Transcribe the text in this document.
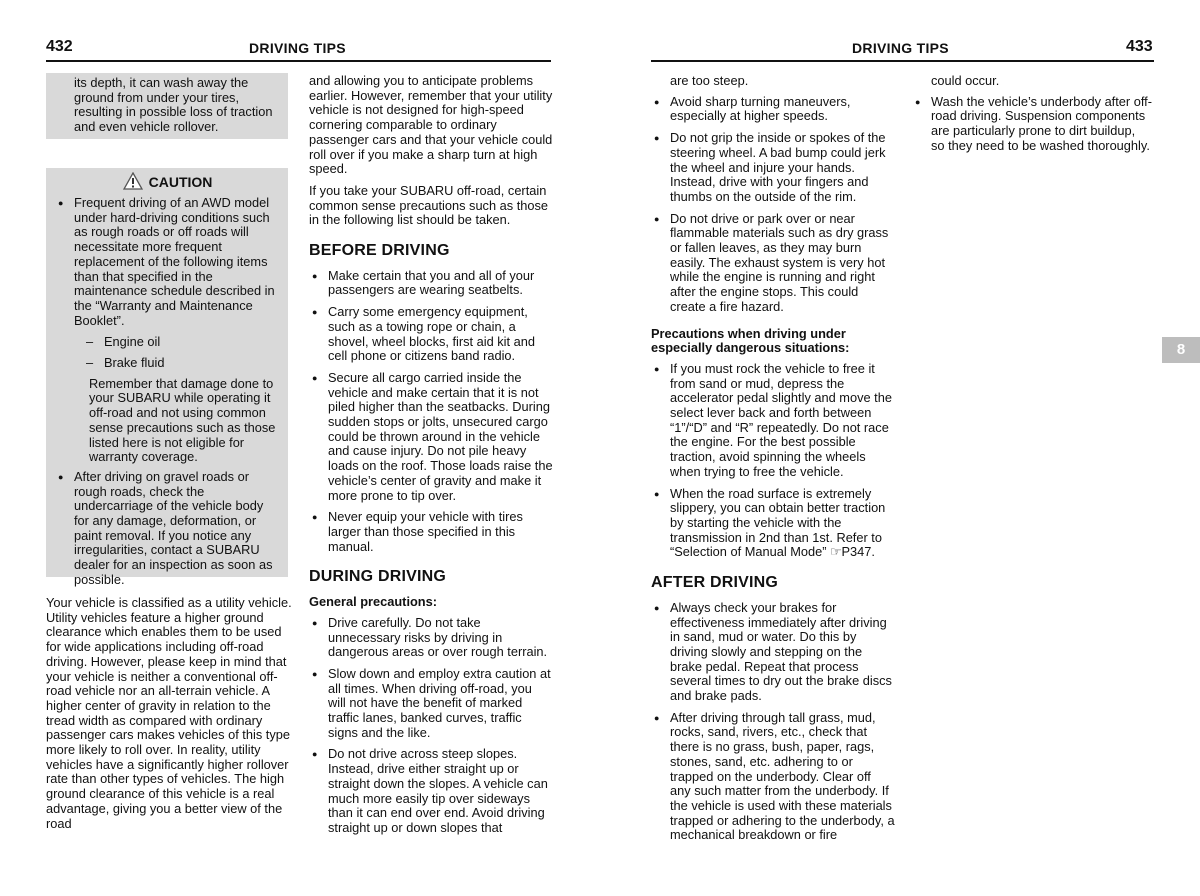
432	DRIVING TIPS	DRIVING TIPS	433
its depth, it can wash away the ground from under your tires, resulting in possible loss of traction and even vehicle rollover.
CAUTION
● Frequent driving of an AWD model under hard-driving conditions such as rough roads or off roads will necessitate more frequent replacement of the following items than that specified in the maintenance schedule described in the “Warranty and Maintenance Booklet”.
– Engine oil
– Brake fluid
Remember that damage done to your SUBARU while operating it off-road and not using common sense precautions such as those listed here is not eligible for warranty coverage.
● After driving on gravel roads or rough roads, check the undercarriage of the vehicle body for any damage, deformation, or paint removal. If you notice any irregularities, contact a SUBARU dealer for an inspection as soon as possible.
Your vehicle is classified as a utility vehicle. Utility vehicles feature a higher ground clearance which enables them to be used for wide applications including off-road driving. However, please keep in mind that your vehicle is neither a conventional off-road vehicle nor an all-terrain vehicle. A higher center of gravity in relation to the tread width as compared with ordinary passenger cars makes vehicles of this type more likely to roll over. In reality, utility vehicles have a significantly higher rollover rate than other types of vehicles. The high ground clearance of this vehicle is a real advantage, giving you a better view of the road

and allowing you to anticipate problems earlier. However, remember that your utility vehicle is not designed for high-speed cornering comparable to ordinary passenger cars and that your vehicle could roll over if you make a sharp turn at high speed.

If you take your SUBARU off-road, certain common sense precautions such as those in the following list should be taken.

BEFORE DRIVING
● Make certain that you and all of your passengers are wearing seatbelts.
● Carry some emergency equipment, such as a towing rope or chain, a shovel, wheel blocks, first aid kit and cell phone or citizens band radio.
● Secure all cargo carried inside the vehicle and make certain that it is not piled higher than the seatbacks. During sudden stops or jolts, unsecured cargo could be thrown around in the vehicle and cause injury. Do not pile heavy loads on the roof. Those loads raise the vehicle’s center of gravity and make it more prone to tip over.
● Never equip your vehicle with tires larger than those specified in this manual.
DURING DRIVING
General precautions:
● Drive carefully. Do not take unnecessary risks by driving in dangerous areas or over rough terrain.
● Slow down and employ extra caution at all times. When driving off-road, you will not have the benefit of marked traffic lanes, banked curves, traffic signs and the like.
● Do not drive across steep slopes. Instead, drive either straight up or straight down the slopes. A vehicle can much more easily tip over sideways than it can end over end. Avoid driving straight up or down slopes that
are too steep.
● Avoid sharp turning maneuvers, especially at higher speeds.
● Do not grip the inside or spokes of the steering wheel. A bad bump could jerk the wheel and injure your hands. Instead, drive with your fingers and thumbs on the outside of the rim.
● Do not drive or park over or near flammable materials such as dry grass or fallen leaves, as they may burn easily. The exhaust system is very hot while the engine is running and right after the engine stops. This could create a fire hazard.
Precautions when driving under especially dangerous situations:
● If you must rock the vehicle to free it from sand or mud, depress the accelerator pedal slightly and move the select lever back and forth between “1”/“D” and “R” repeatedly. Do not race the engine. For the best possible traction, avoid spinning the wheels when trying to free the vehicle.
● When the road surface is extremely slippery, you can obtain better traction by starting the vehicle with the transmission in 2nd than 1st. Refer to “Selection of Manual Mode” ☞P347.
AFTER DRIVING
● Always check your brakes for effectiveness immediately after driving in sand, mud or water. Do this by driving slowly and stepping on the brake pedal. Repeat that process several times to dry out the brake discs and brake pads.
● After driving through tall grass, mud, rocks, sand, rivers, etc., check that there is no grass, bush, paper, rags, stones, sand, etc. adhering to or trapped on the underbody. Clear off any such matter from the underbody. If the vehicle is used with these materials trapped or adhering to the underbody, a mechanical breakdown or fire
could occur.
● Wash the vehicle’s underbody after off-road driving. Suspension components are particularly prone to dirt buildup, so they need to be washed thoroughly.
8
